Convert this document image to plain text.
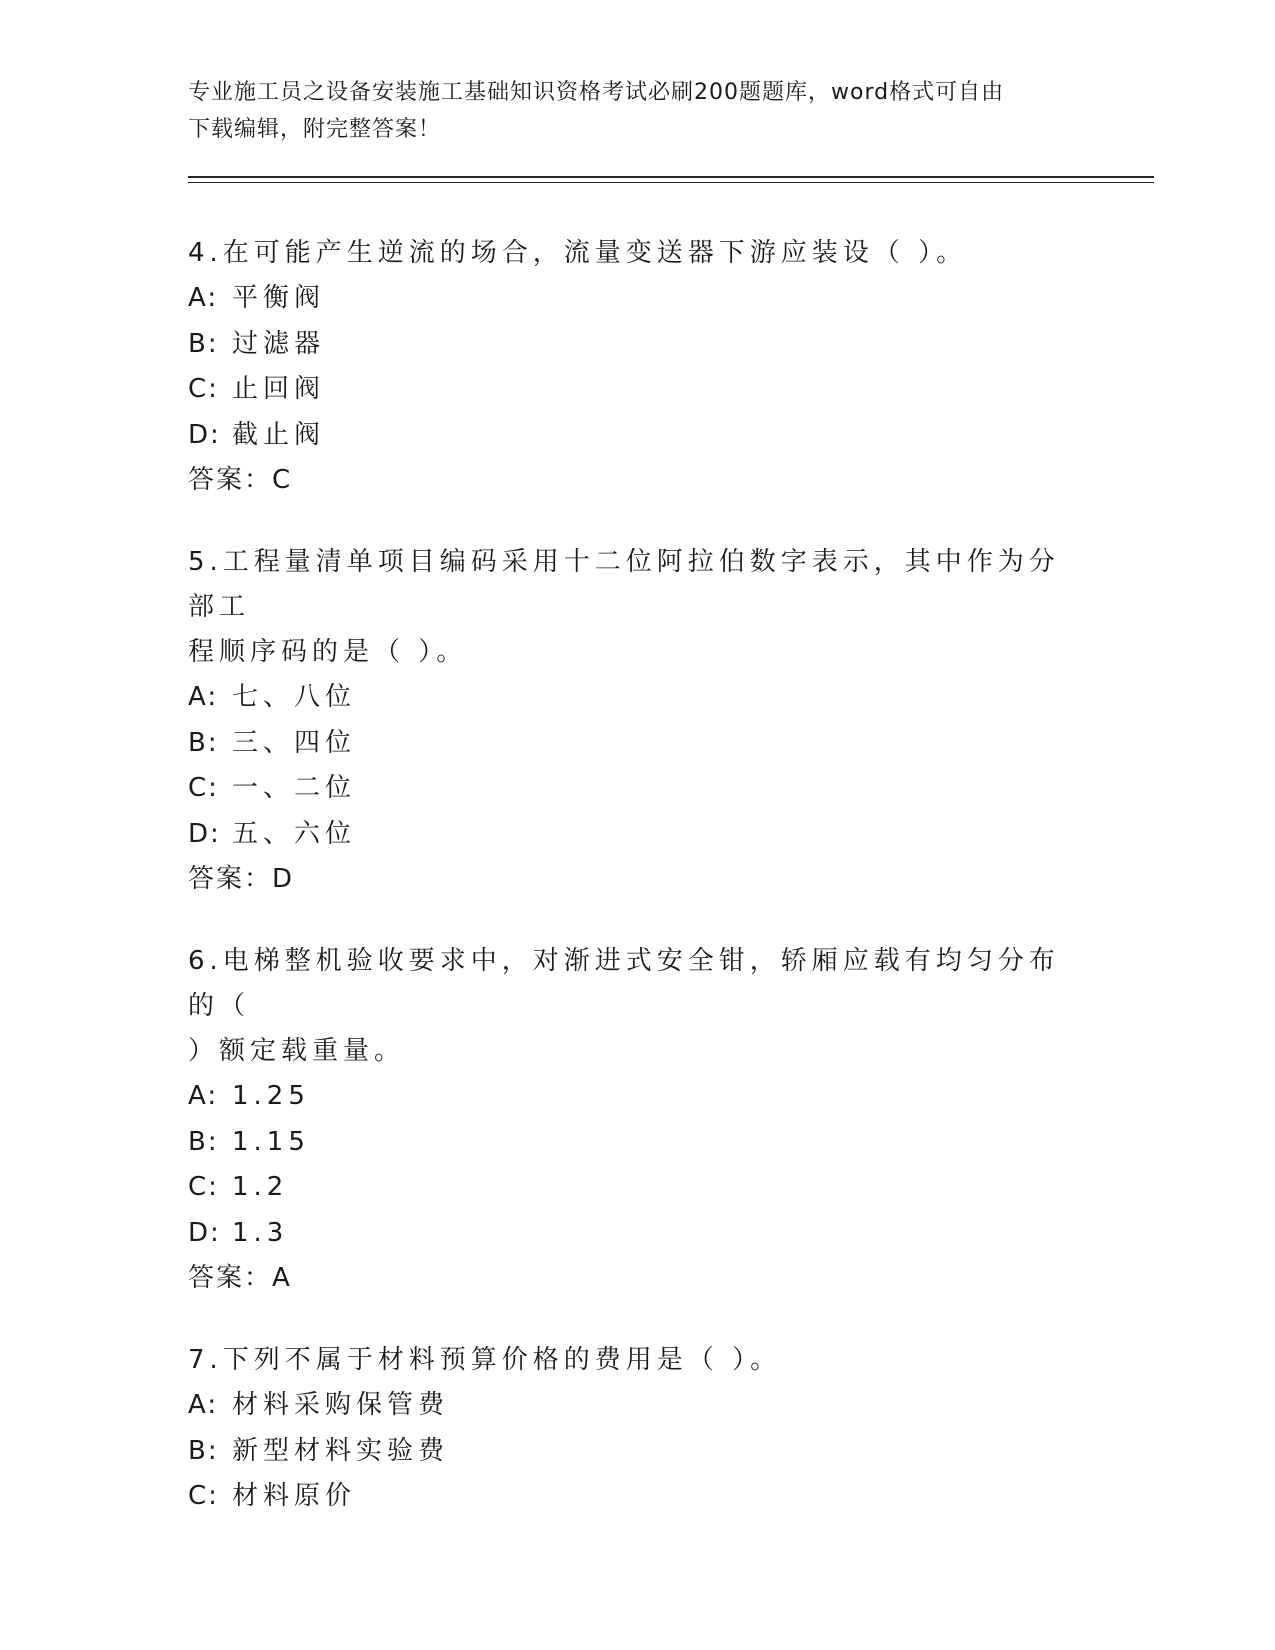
专业施工员之设备安装施工基础知识资格考试必刷200题题库，word格式可自由
下载编辑，附完整答案！
4.在可能产生逆流的场合，流量变送器下游应装设（ ）。
A: 平衡阀
B: 过滤器
C: 止回阀
D: 截止阀
答案：C
5.工程量清单项目编码采用十二位阿拉伯数字表示，其中作为分部工
程顺序码的是（ ）。
A: 七、八位
B: 三、四位
C: 一、二位
D: 五、六位
答案：D
6.电梯整机验收要求中，对渐进式安全钳，轿厢应载有均匀分布的（
）额定载重量。
A: 1.25
B: 1.15
C: 1.2
D: 1.3
答案：A
7.下列不属于材料预算价格的费用是（ ）。
A: 材料采购保管费
B: 新型材料实验费
C: 材料原价
